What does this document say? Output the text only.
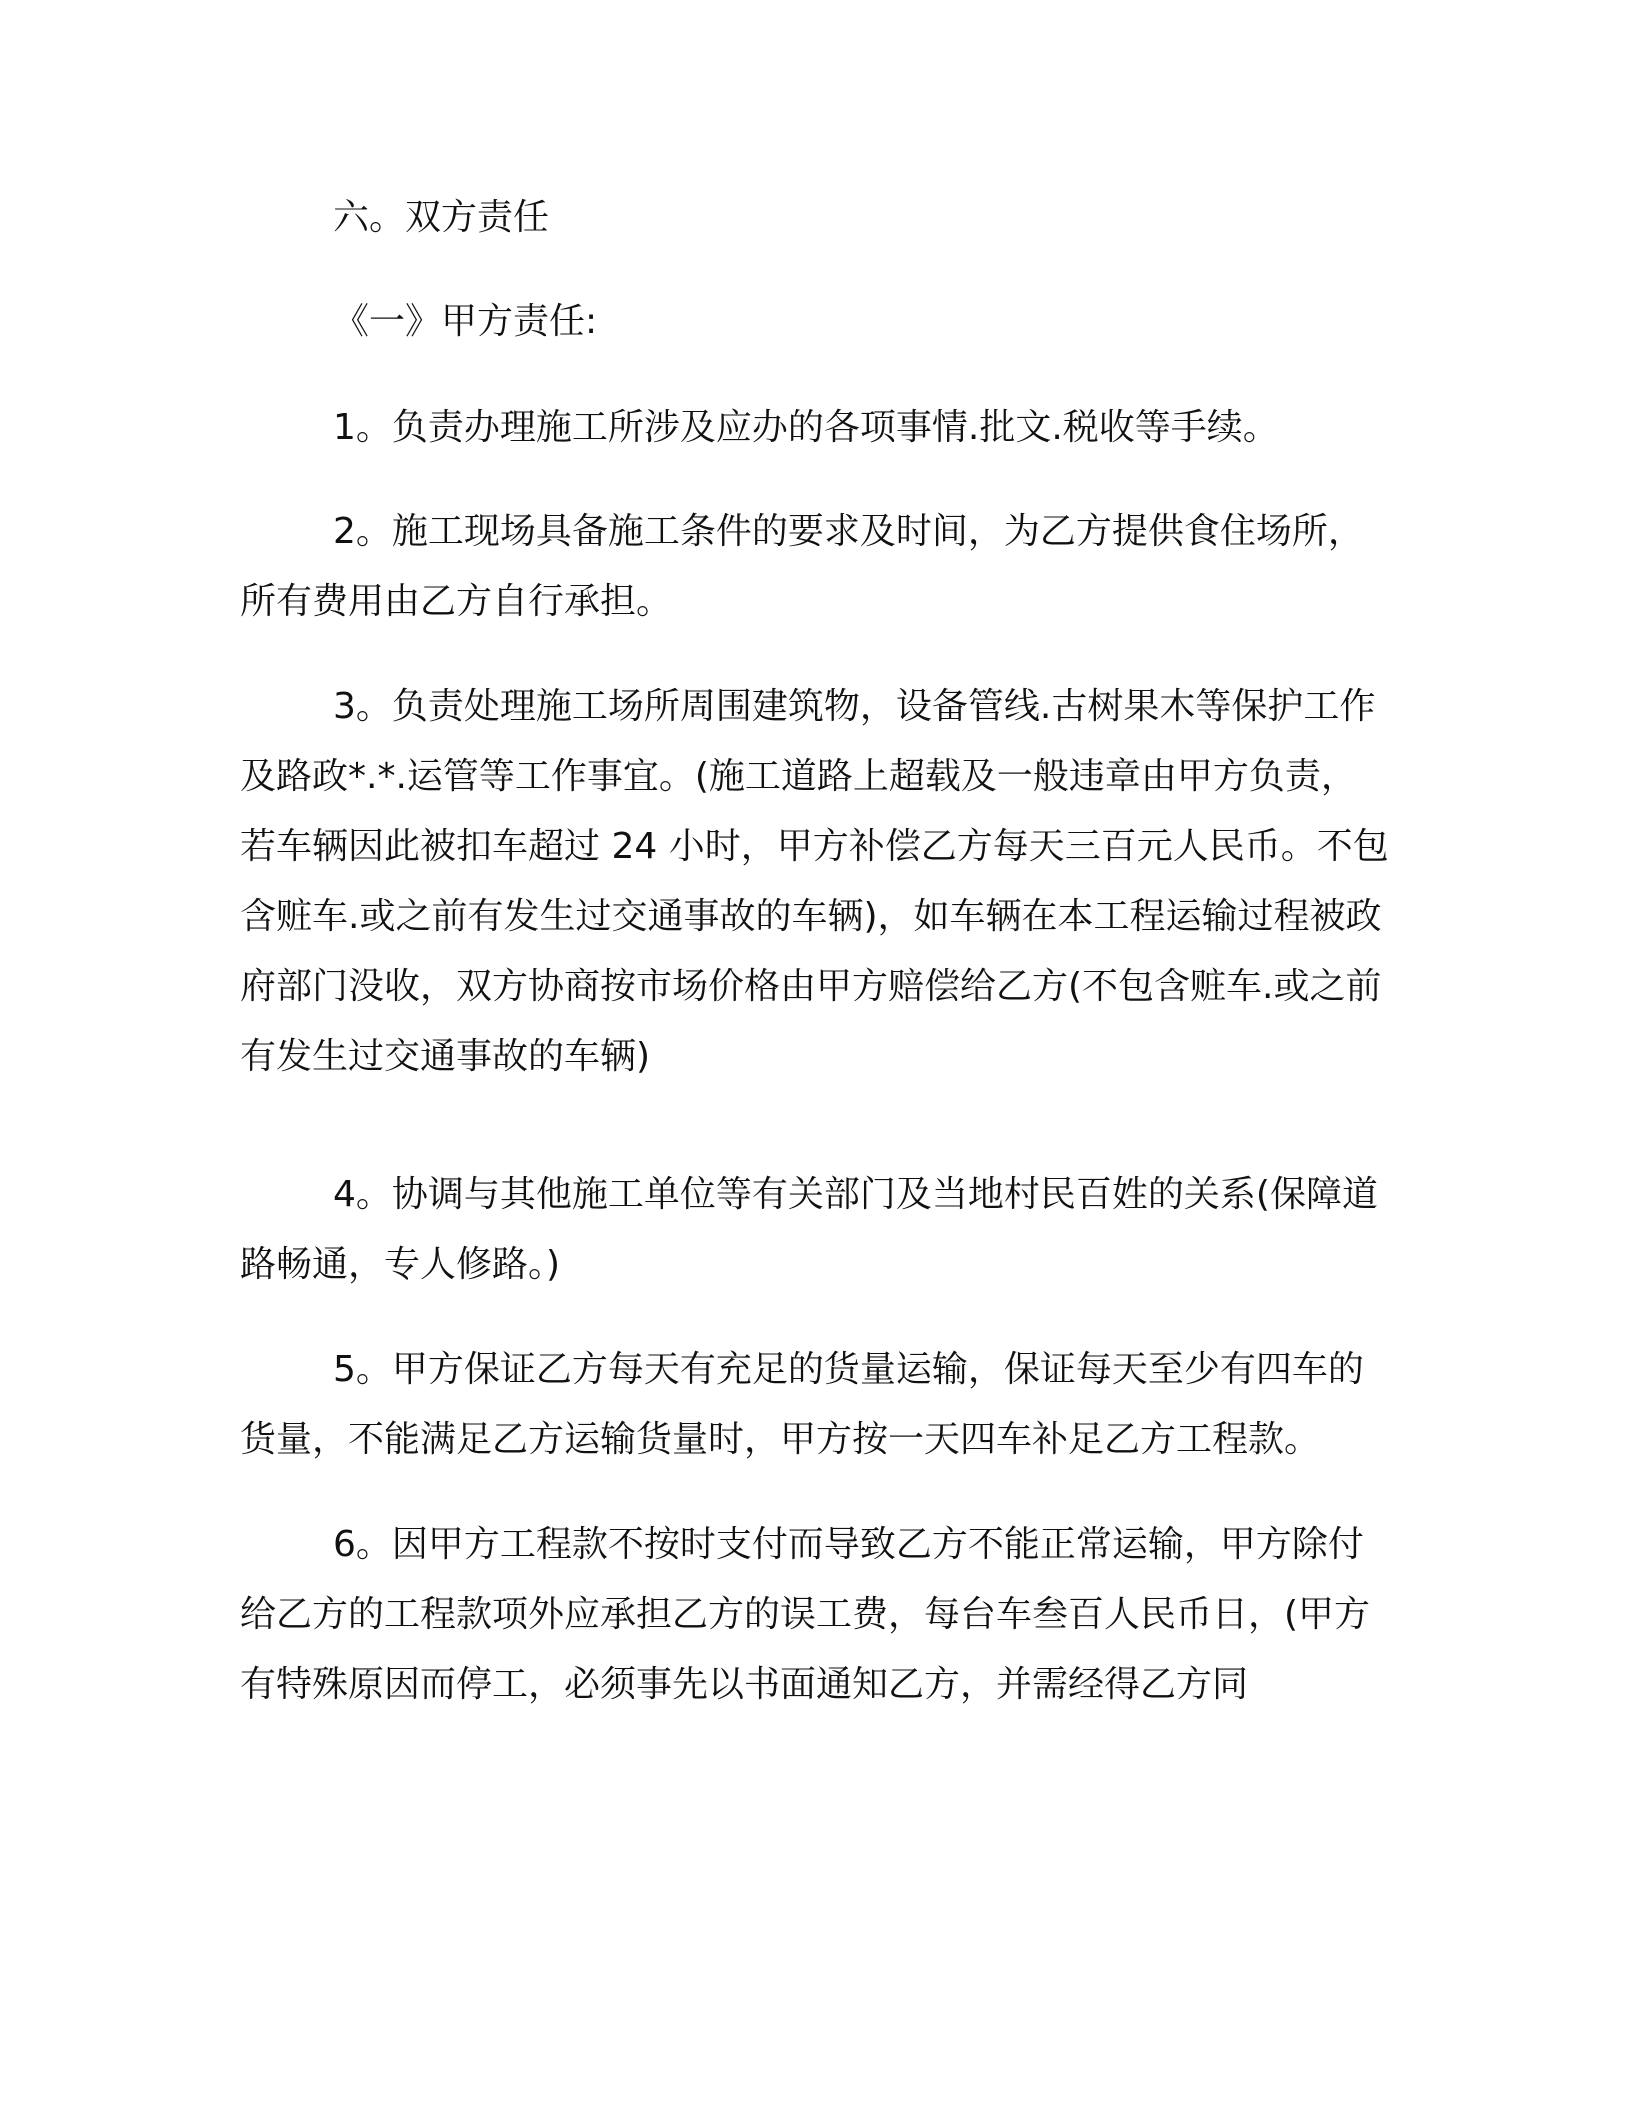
六。双方责任
《一》甲方责任:
1。负责办理施工所涉及应办的各项事情.批文.税收等手续。
2。施工现场具备施工条件的要求及时间，为乙方提供食住场所，所有费用由乙方自行承担。
3。负责处理施工场所周围建筑物，设备管线.古树果木等保护工作及路政*.*.运管等工作事宜。(施工道路上超载及一般违章由甲方负责，若车辆因此被扣车超过 24 小时，甲方补偿乙方每天三百元人民币。不包含赃车.或之前有发生过交通事故的车辆)，如车辆在本工程运输过程被政府部门没收，双方协商按市场价格由甲方赔偿给乙方(不包含赃车.或之前有发生过交通事故的车辆)
4。协调与其他施工单位等有关部门及当地村民百姓的关系(保障道路畅通，专人修路。)
5。甲方保证乙方每天有充足的货量运输，保证每天至少有四车的货量，不能满足乙方运输货量时，甲方按一天四车补足乙方工程款。
6。因甲方工程款不按时支付而导致乙方不能正常运输，甲方除付给乙方的工程款项外应承担乙方的误工费，每台车叁百人民币日，(甲方有特殊原因而停工，必须事先以书面通知乙方，并需经得乙方同
